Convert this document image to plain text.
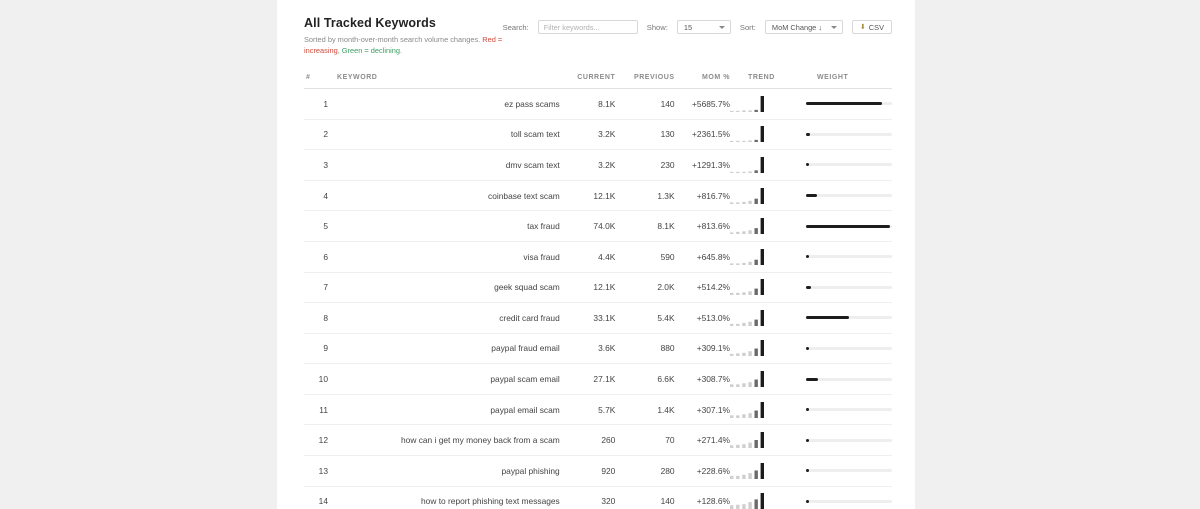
All Tracked Keywords
Sorted by month-over-month search volume changes. Red = increasing, Green = declining.
Search:
Filter keywords...	Show: 15	Sort: MoM Change ↓	⬇ CSV
#	KEYWORD	CURRENT	PREVIOUS	MOM %	TREND	WEIGHT
1	ez pass scams	8.1K	140	+5685.7%	

2	toll scam text	3.2K	130	+2361.5%	

3	dmv scam text	3.2K	230	+1291.3%	

4	coinbase text scam	12.1K	1.3K	+816.7%	

5	tax fraud	74.0K	8.1K	+813.6%	

6	visa fraud	4.4K	590	+645.8%	

7	geek squad scam	12.1K	2.0K	+514.2%	

8	credit card fraud	33.1K	5.4K	+513.0%	

9	paypal fraud email	3.6K	880	+309.1%	

10	paypal scam email	27.1K	6.6K	+308.7%	

11	paypal email scam	5.7K	1.4K	+307.1%	

12	how can i get my money back from a scam	260	70	+271.4%	

13	paypal phishing	920	280	+228.6%	

14	how to report phishing text messages	320	140	+128.6%	
